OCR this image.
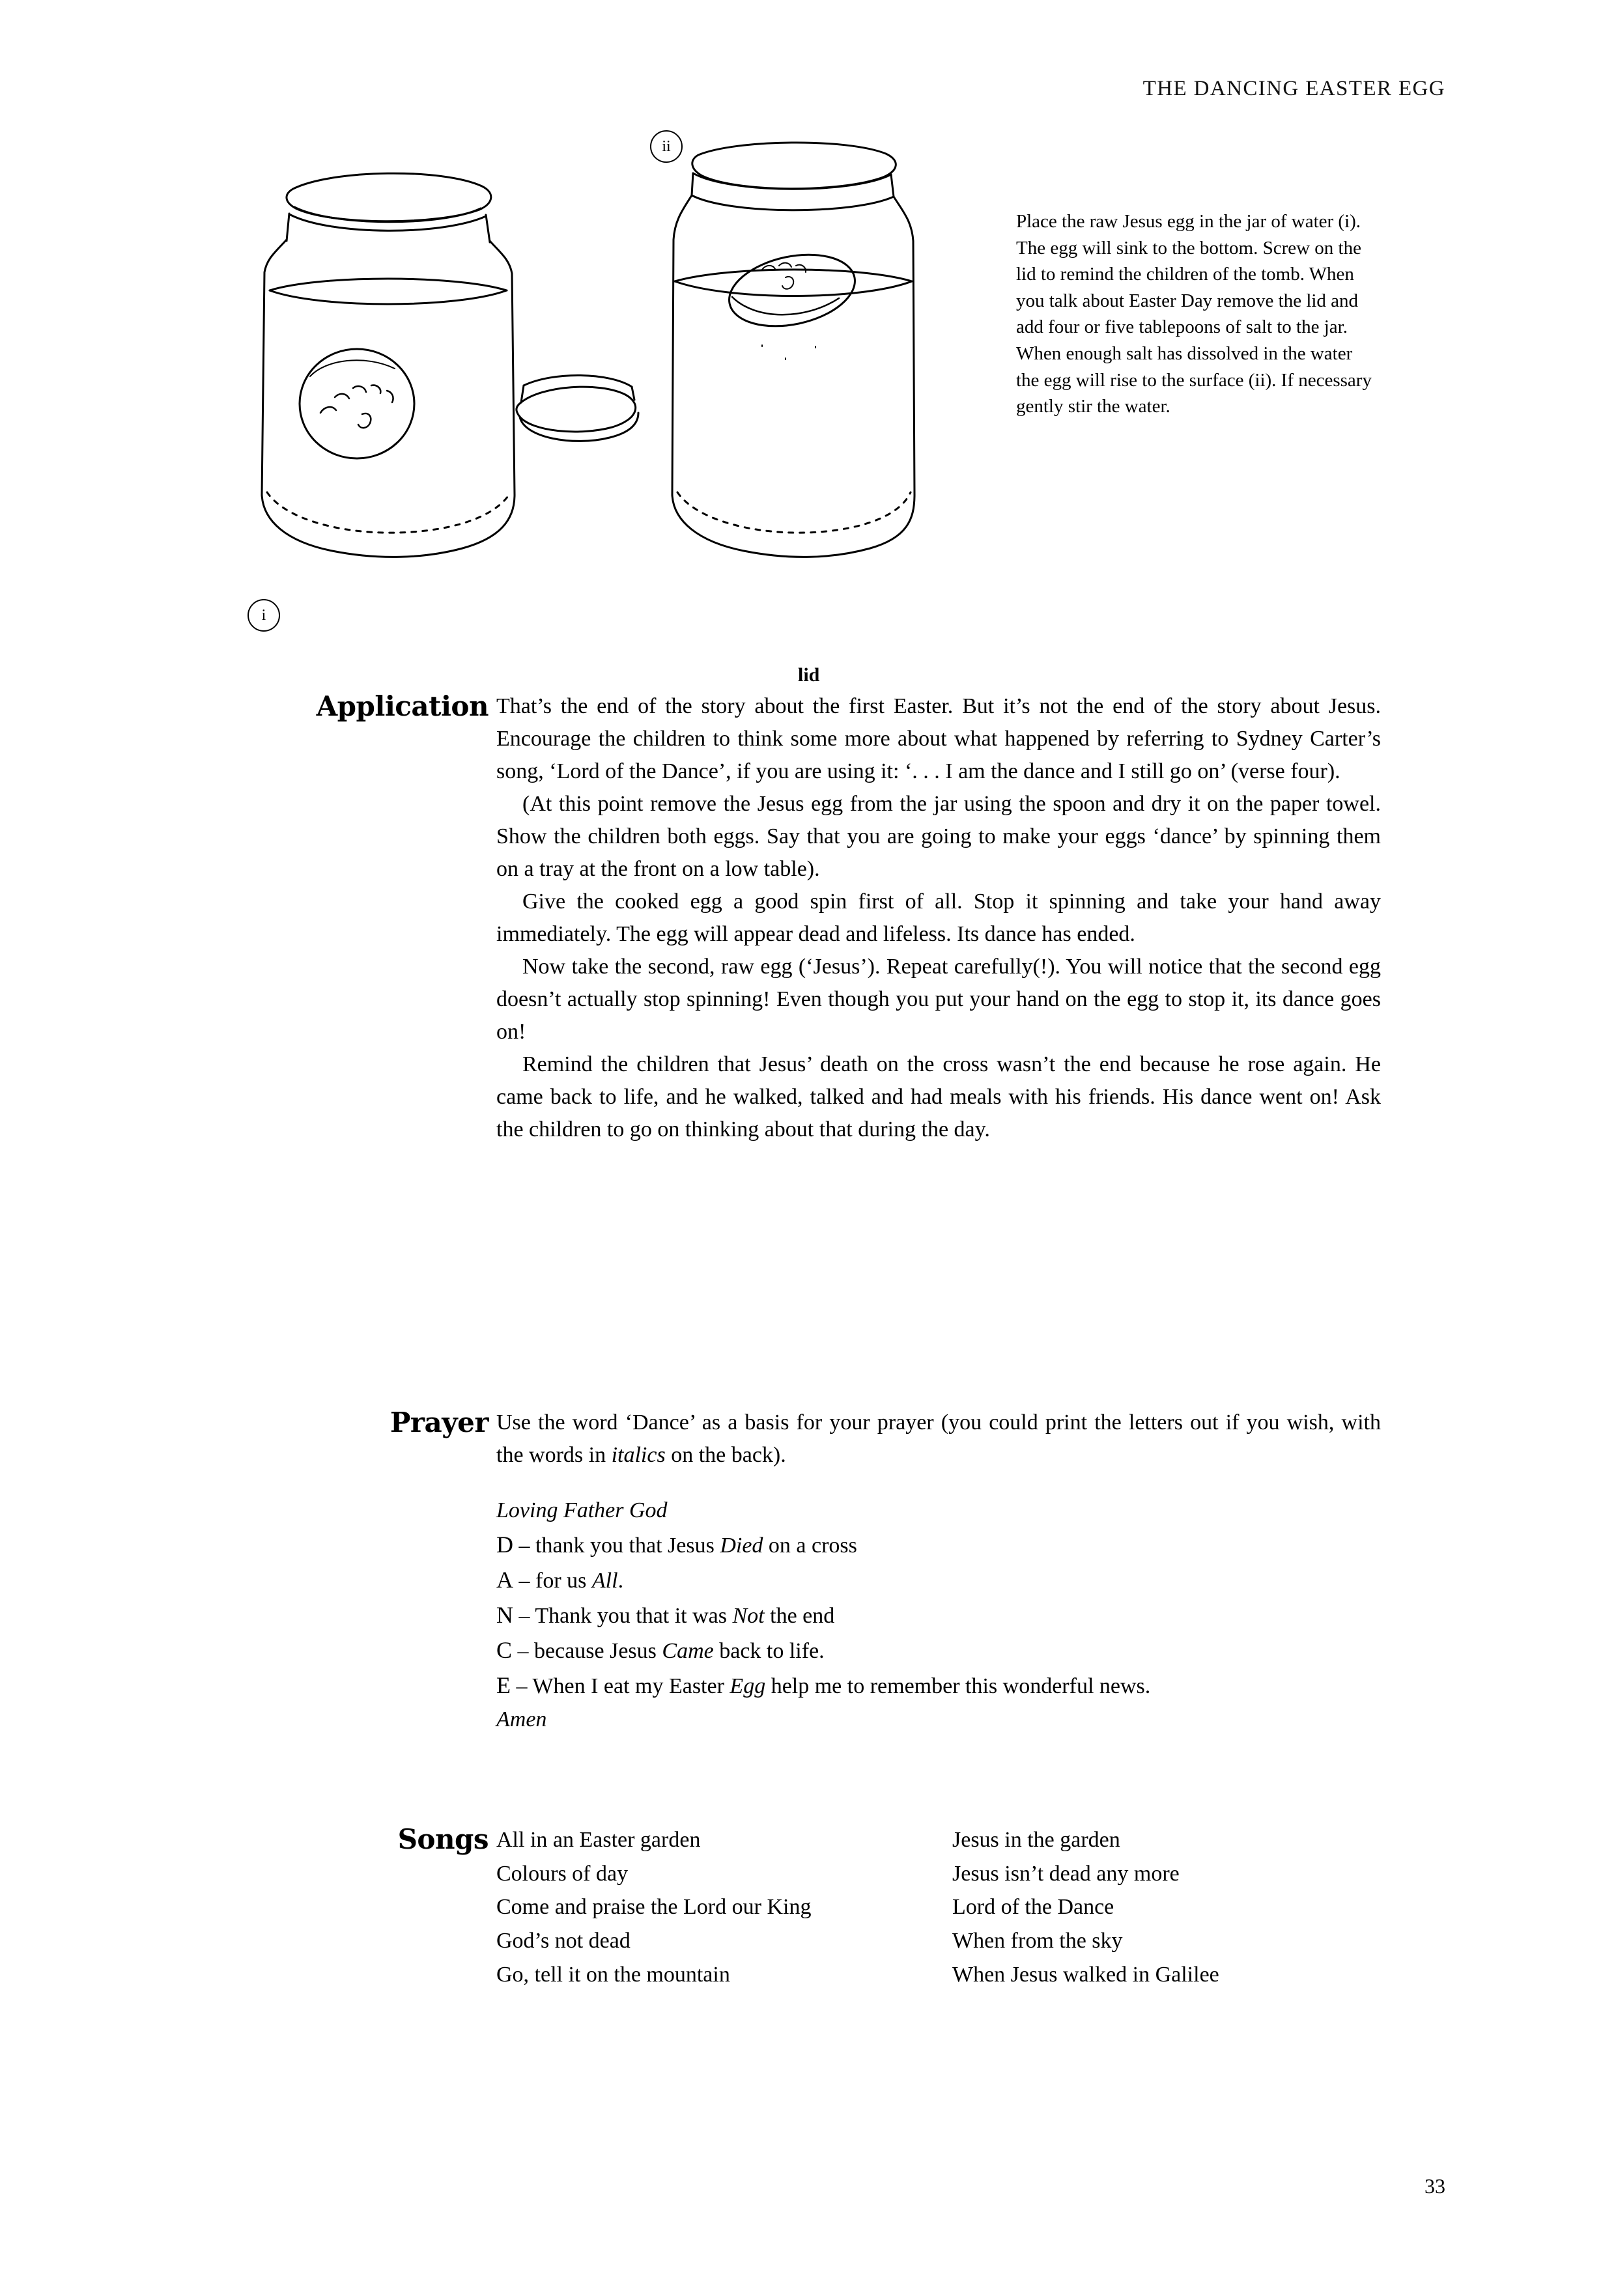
THE DANCING EASTER EGG
i
ii
lid
Place the raw Jesus egg in the jar of water (i). The egg will sink to the bottom. Screw on the lid to remind the children of the tomb. When you talk about Easter Day remove the lid and add four or five tablepoons of salt to the jar. When enough salt has dissolved in the water the egg will rise to the surface (ii). If necessary gently stir the water.
Application That’s the end of the story about the first Easter. But it’s not the end of the story about Jesus. Encourage the children to think some more about what happened by referring to Sydney Carter’s song, ‘Lord of the Dance’, if you are using it: ‘. . . I am the dance and I still go on’ (verse four).

(At this point remove the Jesus egg from the jar using the spoon and dry it on the paper towel. Show the children both eggs. Say that you are going to make your eggs ‘dance’ by spinning them on a tray at the front on a low table).

Give the cooked egg a good spin first of all. Stop it spinning and take your hand away immediately. The egg will appear dead and lifeless. Its dance has ended.

Now take the second, raw egg (‘Jesus’). Repeat carefully(!). You will notice that the second egg doesn’t actually stop spinning! Even though you put your hand on the egg to stop it, its dance goes on!

Remind the children that Jesus’ death on the cross wasn’t the end because he rose again. He came back to life, and he walked, talked and had meals with his friends. His dance went on! Ask the children to go on thinking about that during the day.

Prayer Use the word ‘Dance’ as a basis for your prayer (you could print the letters out if you wish, with the words in italics on the back).

Loving Father God
D – thank you that Jesus Died on a cross
A – for us All.
N – Thank you that it was Not the end
C – because Jesus Came back to life.
E – When I eat my Easter Egg help me to remember this wonderful news.
Amen
Songs All in an Easter garden
Colours of day
Come and praise the Lord our King
God’s not dead
Go, tell it on the mountain
Jesus in the garden
Jesus isn’t dead any more
Lord of the Dance
When from the sky
When Jesus walked in Galilee
33
